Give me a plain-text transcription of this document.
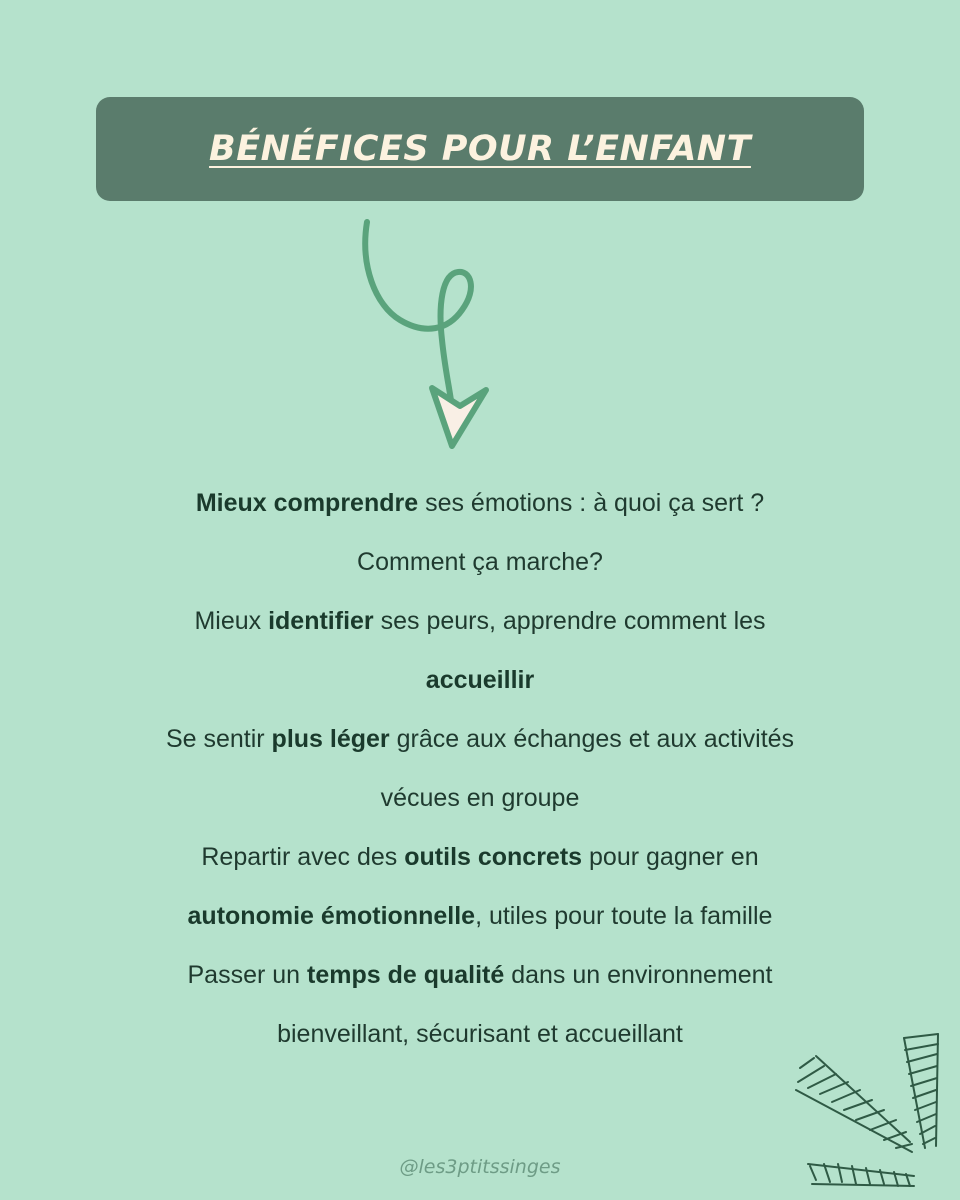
BÉNÉFICES POUR L’ENFANT
Mieux comprendre ses émotions : à quoi ça sert ?
Comment ça marche?
Mieux identifier ses peurs, apprendre comment les
accueillir
Se sentir plus léger grâce aux échanges et aux activités
vécues en groupe
Repartir avec des outils concrets pour gagner en
autonomie émotionnelle, utiles pour toute la famille
Passer un temps de qualité dans un environnement
bienveillant, sécurisant et accueillant
@les3ptitssinges
